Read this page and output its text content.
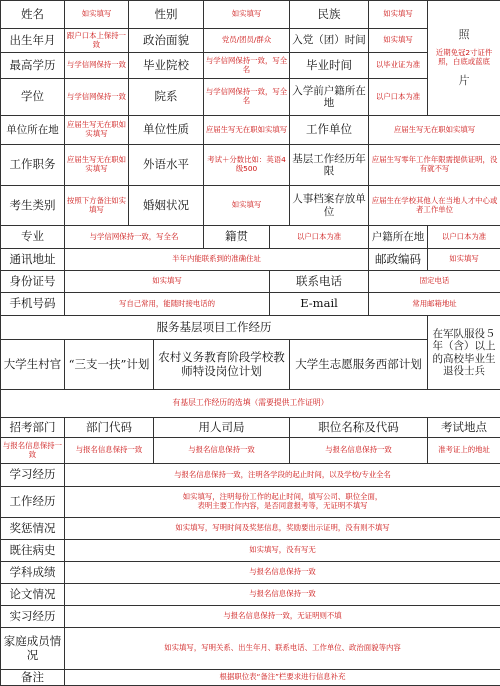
姓名	如实填写	性别		如实填写		民族	如实填写	照
近期免冠2寸证件照，白底或蓝底
片

出生年月	跟户口本上保持一致	政治面貌		党员/团员/群众		入党（团）时间	如实填写	
最高学历	与学信网保持一致	毕业院校		与学信网保持一致，写全名		毕业时间	以毕业证为准	
学位	与学信网保持一致	院系		与学信网保持一致，写全名		入学前户籍所在地	以户口本为准	
单位所在地	应届生写无在职如实填写	单位性质		应届生写无在职如实填写		工作单位	应届生写无在职如实填写	
工作职务	应届生写无在职如实填写	外语水平		考试＋分数比如：英语4级500		基层工作经历年限	应届生写零年工作年限需提供证明，没有就不写	
考生类别	按照下方备注如实填写	婚姻状况		如实填写		人事档案存放单位	应届生在学校其他人在当地人才中心或者工作单位	
专业	与学信网保持一致，写全名			籍贯	以户口本为准		户籍所在地	以户口本为准
通讯地址	半年内能联系到的准确住址						邮政编码	如实填写
身份证号	如实填写				联系电话		固定电话	
手机号码	写自己常用，能随时接电话的				E-mail		常用邮箱地址	
服务基层项目工作经历								在军队服役５年（含）以上的高校毕业生退役士兵
大学生村官	“三支一扶”计划		农村义务教育阶段学校教师特设岗位计划			大学生志愿服务西部计划		
有基层工作经历的选填（需要提供工作证明）								
招考部门	部门代码		用人司局			职位名称及代码		考试地点
与报名信息保持一致	与报名信息保持一致		与报名信息保持一致			与报名信息保持一致		准考证上的地址
学习经历	与报名信息保持一致，注明各学段的起止时间，以及学校/专业全名							
工作经历	如实填写，注明每份工作的起止时间，填写公司、职位全面，
表明主要工作内容，是否同意报考等，无证明不填写							
奖惩情况	如实填写，写明时间及奖惩信息，奖励要出示证明，没有则不填写							
既往病史	如实填写，没有写无							
学科成绩	与报名信息保持一致							
论文情况	与报名信息保持一致							
实习经历	与报名信息保持一致，无证明则不填							
家庭成员情况	如实填写，写明关系、出生年月、联系电话、工作单位、政治面貌等内容							
备注	根据职位表“备注”栏要求进行信息补充							
